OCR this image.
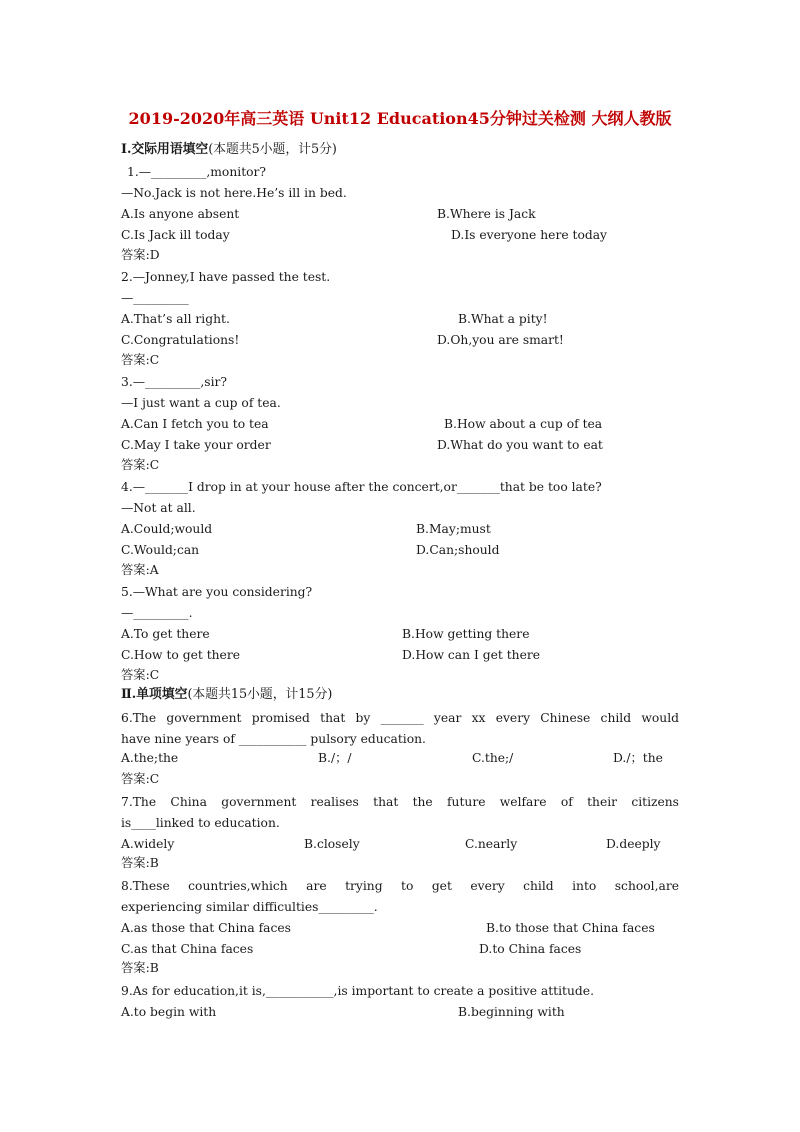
2019-2020年高三英语 Unit12 Education45分钟过关检测 大纲人教版
Ⅰ.交际用语填空(本题共5小题，计5分)
1.—_________,monitor?
—No.Jack is not here.He’s ill in bed.
A.Is anyone absent	B.Where is Jack
C.Is Jack ill today	D.Is everyone here today
答案:D
2.—Jonney,I have passed the test.
—_________
A.That’s all right.	B.What a pity!
C.Congratulations!	D.Oh,you are smart!
答案:C
3.—_________,sir?
—I just want a cup of tea.
A.Can I fetch you to tea	B.How about a cup of tea
C.May I take your order	D.What do you want to eat
答案:C
4.—_______I drop in at your house after the concert,or_______that be too late?
—Not at all.
A.Could;would	B.May;must
C.Would;can	D.Can;should
答案:A
5.—What are you considering?
—_________.
A.To get there	B.How getting there
C.How to get there	D.How can I get there
答案:C
Ⅱ.单项填空(本题共15小题，计15分)
6.The government promised that by _______ year xx every Chinese child would
have nine years of ___________ pulsory education.
A.the;the	B./；/	C.the;/	D./；the
答案:C
7.The China government realises that the future welfare of their citizens
is____linked to education.
A.widely	B.closely	C.nearly	D.deeply
答案:B
8.These countries,which are trying to get every child into school,are
experiencing similar difficulties_________.
A.as those that China faces	B.to those that China faces
C.as that China faces	D.to China faces
答案:B
9.As for education,it is,___________,is important to create a positive attitude.
A.to begin with	B.beginning with
